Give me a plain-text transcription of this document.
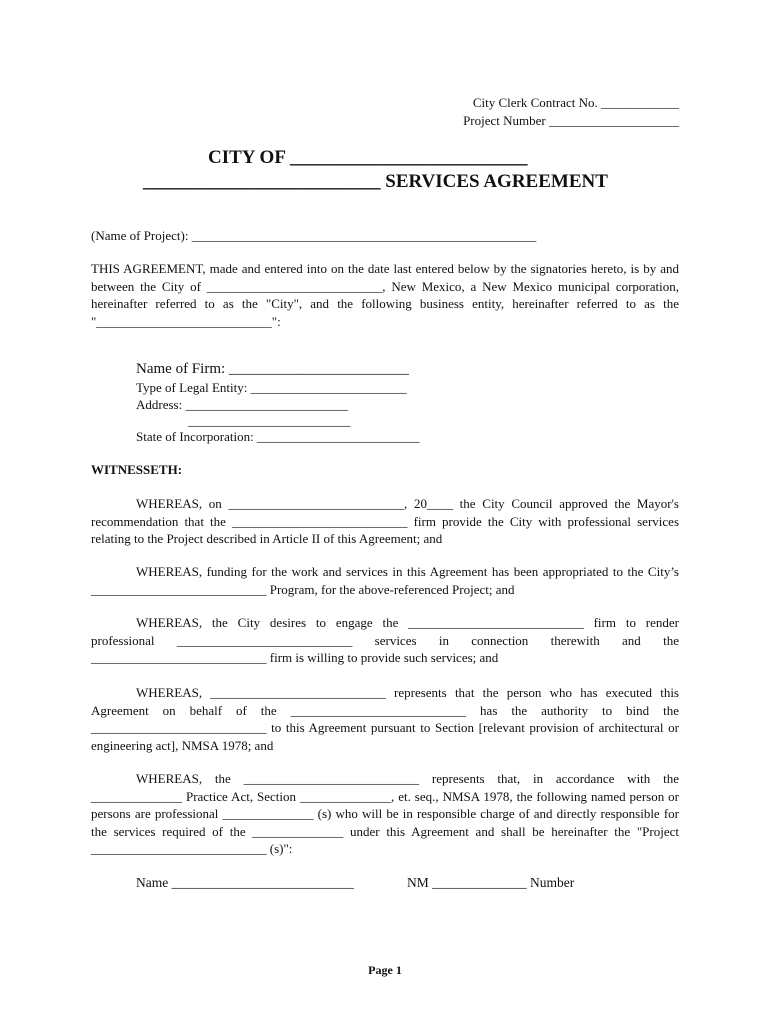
City Clerk Contract No. ____________
Project Number ____________________
CITY OF _________________________
_________________________ SERVICES AGREEMENT
(Name of Project): _____________________________________________________
THIS AGREEMENT, made and entered into on the date last entered below by the signatories hereto, is by and between the City of ___________________________, New Mexico, a New Mexico municipal corporation, hereinafter referred to as the "City", and the following business entity, hereinafter referred to as the "___________________________":
Name of Firm: ________________________
Type of Legal Entity: ________________________
Address: _________________________
_________________________
State of Incorporation: _________________________
WITNESSETH:
WHEREAS, on ___________________________, 20____ the City Council approved the Mayor's recommendation that the ___________________________ firm provide the City with professional services relating to the Project described in Article II of this Agreement; and
WHEREAS, funding for the work and services in this Agreement has been appropriated to the City’s ___________________________ Program, for the above-referenced Project; and
WHEREAS, the City desires to engage the ___________________________ firm to render professional ___________________________ services in connection therewith and the ___________________________ firm is willing to provide such services; and
WHEREAS, ___________________________ represents that the person who has executed this Agreement on behalf of the ___________________________ has the authority to bind the ___________________________ to this Agreement pursuant to Section [relevant provision of architectural or engineering act], NMSA 1978; and
WHEREAS, the ___________________________ represents that, in accordance with the ______________ Practice Act, Section ______________, et. seq., NMSA 1978, the following named person or persons are professional ______________ (s) who will be in responsible charge of and directly responsible for the services required of the ______________ under this Agreement and shall be hereinafter the "Project ___________________________ (s)":
Name ___________________________	NM ______________ Number
Page 1
